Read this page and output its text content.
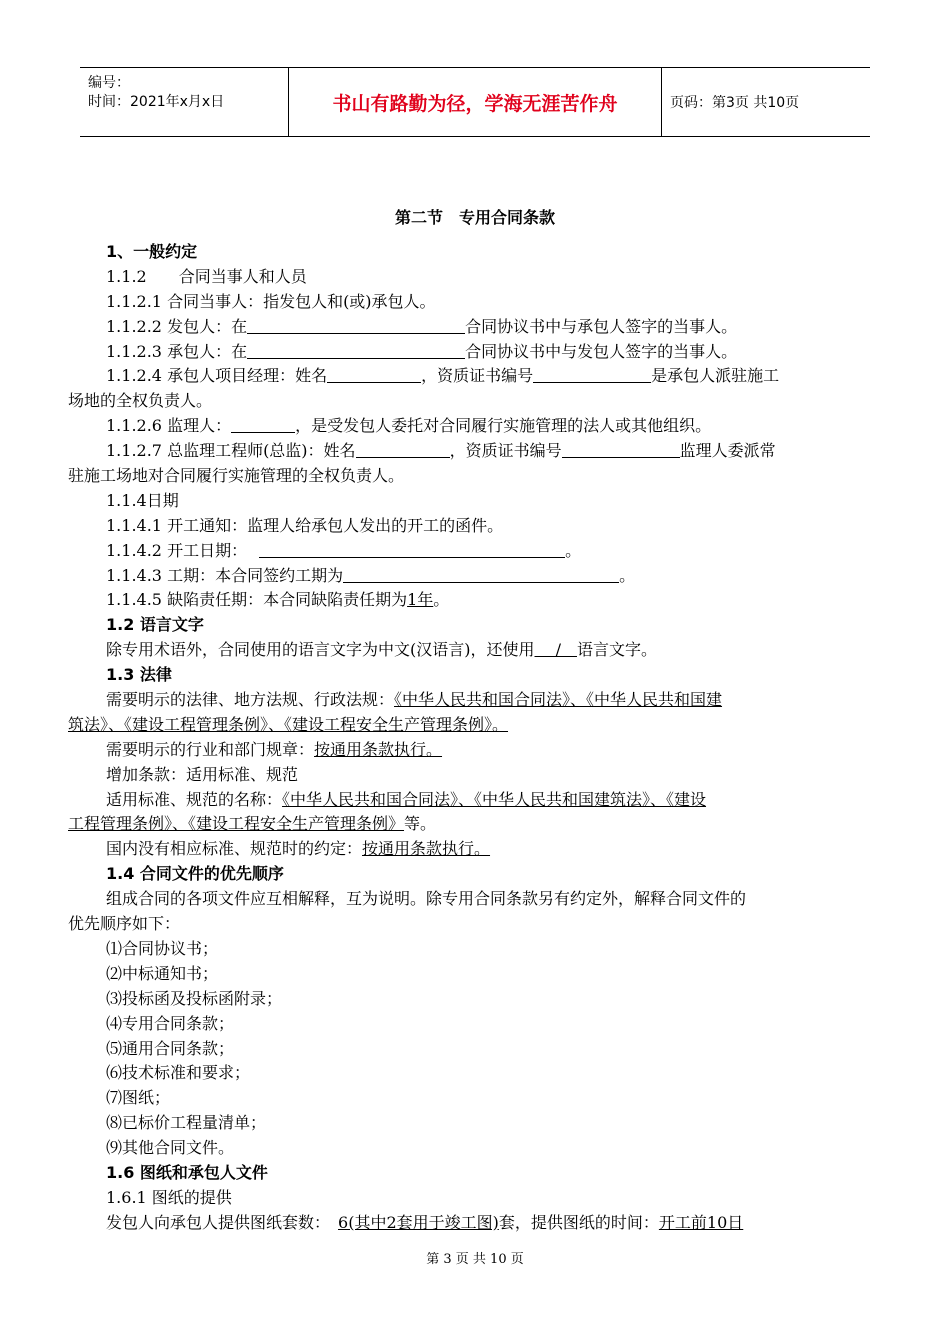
编号：
时间：2021年x月x日	书山有路勤为径，学海无涯苦作舟	页码：第3页 共10页
第二节　专用合同条款
1、一般约定
1.1.2　　合同当事人和人员
1.1.2.1 合同当事人：指发包人和(或)承包人。
1.1.2.2 发包人：在	合同协议书中与承包人签字的当事人。
1.1.2.3 承包人：在	合同协议书中与发包人签字的当事人。
1.1.2.4 承包人项目经理：姓名	，资质证书编号	是承包人派驻施工
场地的全权负责人。
1.1.2.6 监理人：	，是受发包人委托对合同履行实施管理的法人或其他组织。
1.1.2.7 总监理工程师(总监)：姓名	，资质证书编号	监理人委派常
驻施工场地对合同履行实施管理的全权负责人。
1.1.4日期
1.1.4.1 开工通知：监理人给承包人发出的开工的函件。
1.1.4.2 开工日期：	。
1.1.4.3 工期：本合同签约工期为	。
1.1.4.5 缺陷责任期：本合同缺陷责任期为1年。
1.2 语言文字
除专用术语外，合同使用的语言文字为中文(汉语言)，还使用　 /　语言文字。
1.3 法律
需要明示的法律、地方法规、行政法规：《中华人民共和国合同法》、《中华人民共和国建
筑法》、《建设工程管理条例》、《建设工程安全生产管理条例》。
需要明示的行业和部门规章：按通用条款执行。
增加条款：适用标准、规范
适用标准、规范的名称：《中华人民共和国合同法》、《中华人民共和国建筑法》、《建设
工程管理条例》、《建设工程安全生产管理条例》等。
国内没有相应标准、规范时的约定：按通用条款执行。
1.4 合同文件的优先顺序
组成合同的各项文件应互相解释，互为说明。除专用合同条款另有约定外，解释合同文件的
优先顺序如下：
⑴合同协议书；
⑵中标通知书；
⑶投标函及投标函附录；
⑷专用合同条款；
⑸通用合同条款；
⑹技术标准和要求；
⑺图纸；
⑻已标价工程量清单；
⑼其他合同文件。
1.6 图纸和承包人文件
1.6.1 图纸的提供
发包人向承包人提供图纸套数： 6(其中2套用于竣工图)套，提供图纸的时间：开工前10日
第 3 页 共 10 页
